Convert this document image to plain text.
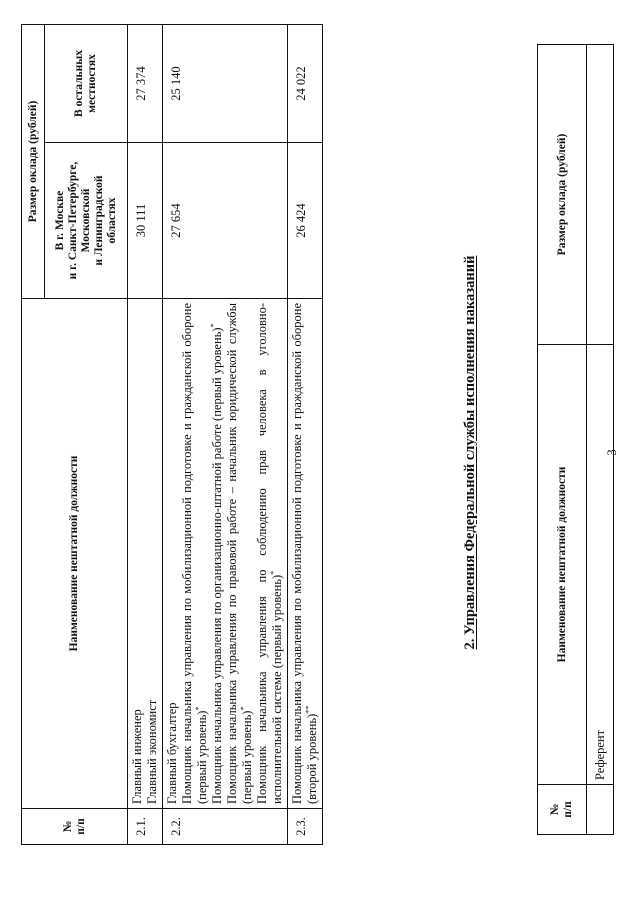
3
№
п/п	Наименование нештатной должности	Размер оклада (рублей)
	Референт	
2. Управления Федеральной службы исполнения наказаний
№
п/п	Наименование нештатной должности	Размер оклада (рублей)	
		В г. Москве
и г. Санкт-Петербурге,
Московской
и Ленинградской
областях	В остальных
местностях
2.1.	Главный инженер Главный экономист	30 111	27 374
2.2.	Главный бухгалтер Помощник начальника управления по мобилизационной подготовке и гражданской обороне (первый уровень)* Помощник начальника управления по организационно-штатной работе (первый уровень)* Помощник начальника управления по правовой работе – начальник юридической службы (первый уровень)* Помощник начальника управления по соблюдению прав человека в уголовно-исполнительной системе (первый уровень)*	27 654	25 140
2.3.	Помощник начальника управления по мобилизационной подготовке и гражданской обороне (второй уровень)**	26 424	24 022
